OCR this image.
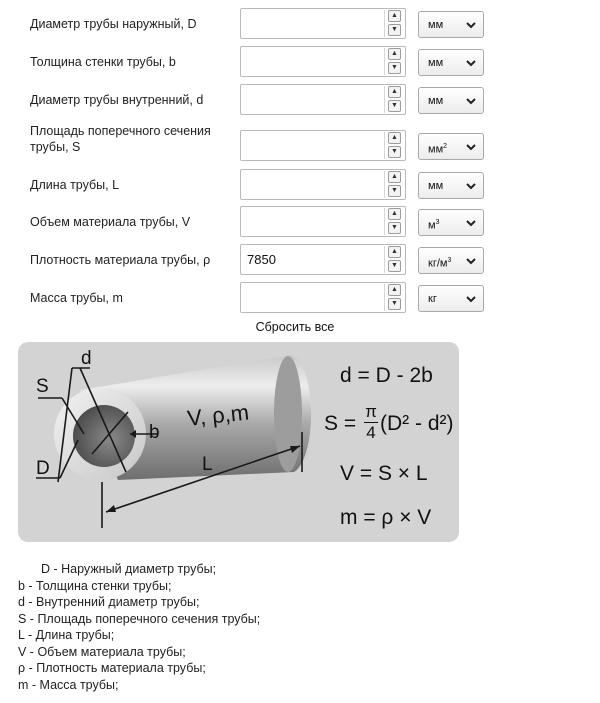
Диаметр трубы наружный, D
▲
▼	мм
Толщина стенки трубы, b
▲
▼	мм
Диаметр трубы внутренний, d
▲
▼	мм
Площадь поперечного сечения трубы, S
▲
▼	$мм^2$
Длина трубы, L
▲
▼	мм
Объем материала трубы, V
▲
▼	$м^3$
Плотность материала трубы, ρ
7850
▲
▼	$кг/м^3$
Масса трубы, m
▲
▼	кг
Сбросить все
S
d
b
D	L
V, ρ,m
d = D - 2b
S =
π
4 (D² - d²)
V = S × L
m = ρ × V
D - Наружный диаметр трубы;
b - Толщина стенки трубы;
d - Внутренний диаметр трубы;
S - Площадь поперечного сечения трубы;
L - Длина трубы;
V - Объем материала трубы;
ρ - Плотность материала трубы;
m - Масса трубы;
